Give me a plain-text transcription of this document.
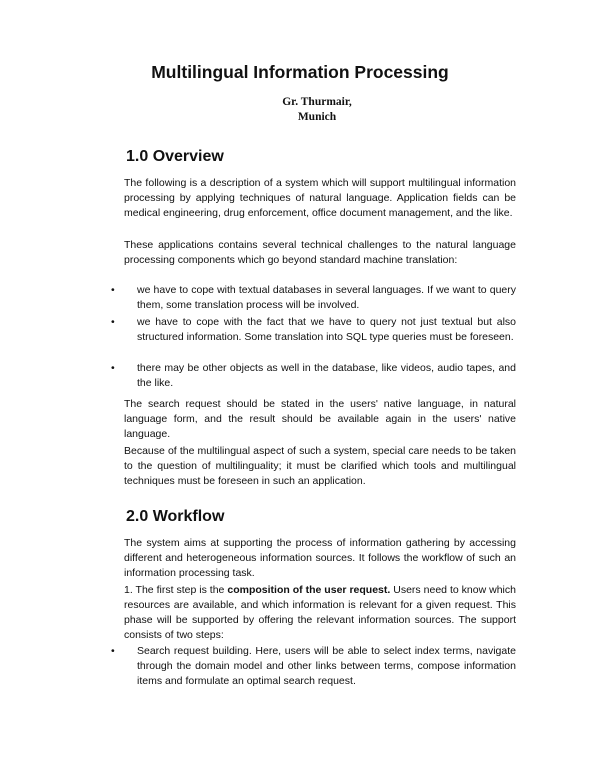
Multilingual Information Processing
Gr. Thurmair,
Munich
1.0 Overview

The following is a description of a system which will support multilingual information processing by applying techniques of natural language. Application fields can be medical engineering, drug enforcement, office document management, and the like.

These applications contains several technical challenges to the natural language processing components which go beyond standard machine translation:

•	we have to cope with textual databases in several languages. If we want to query them, some translation process will be involved.
•	we have to cope with the fact that we have to query not just textual but also structured information. Some translation into SQL type queries must be foreseen.
•	there may be other objects as well in the database, like videos, audio tapes, and the like.

The search request should be stated in the users' native language, in natural language form, and the result should be available again in the users' native language.

Because of the multilingual aspect of such a system, special care needs to be taken to the question of multilinguality; it must be clarified which tools and multilingual techniques must be foreseen in such an application.

2.0 Workflow

The system aims at supporting the process of information gathering by accessing different and heterogeneous information sources. It follows the workflow of such an information processing task.

1. The first step is the composition of the user request. Users need to know which resources are available, and which information is relevant for a given request. This phase will be supported by offering the relevant information sources. The support consists of two steps:

•	Search request building. Here, users will be able to select index terms, navigate through the domain model and other links between terms, compose information items and formulate an optimal search request.
